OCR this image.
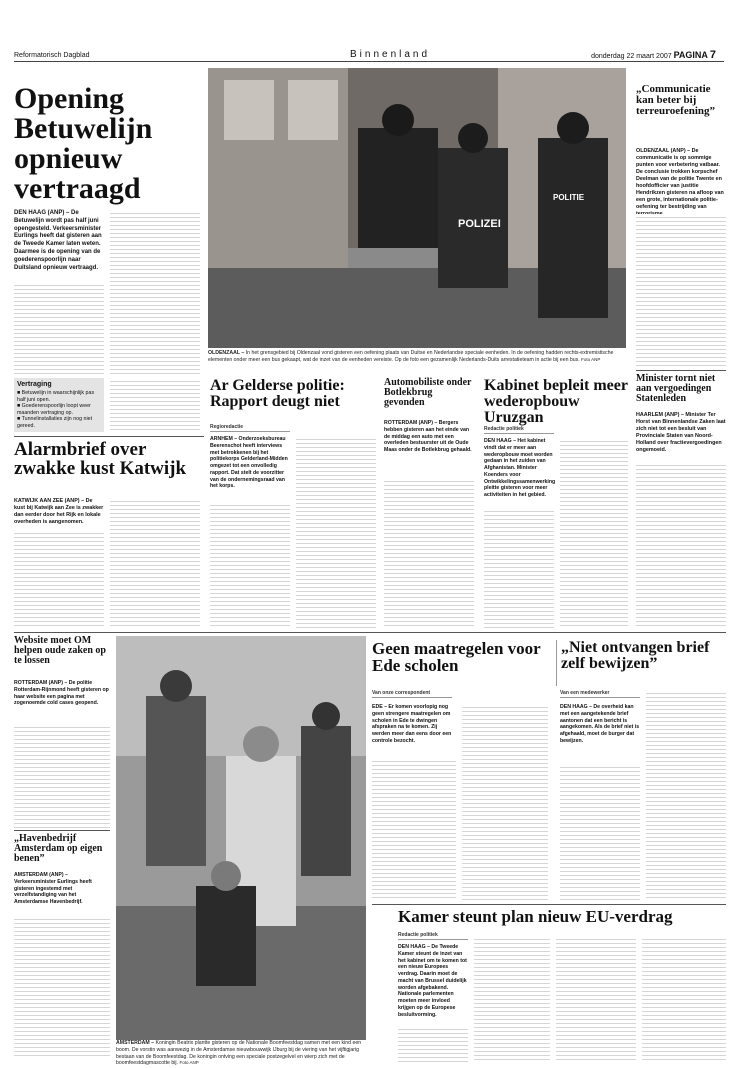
Reformatorisch Dagblad	Binnenland	donderdag 22 maart 2007 PAGINA 7
Opening Betuwelijn opnieuw vertraagd
DEN HAAG (ANP) – De Betuwelijn wordt pas half juni opengesteld. Verkeersminister Eurlings heeft dat gisteren aan de Tweede Kamer laten weten. Daarmee is de opening van de goederenspoorlijn naar Duitsland opnieuw vertraagd.
Vertraging
■ Betuwelijn in waarschijnlijk pas half juni open.
■ Goederenspoorlijn loopt weer maanden vertraging op.
■ Tunnelinstallaties zijn nog niet gereed.
POLIZEI
POLITIE
OLDENZAAL – In het grensgebied bij Oldenzaal vond gisteren een oefening plaats van Duitse en Nederlandse speciale eenheden. In de oefening hadden rechts-extremistische elementen onder meer een bus gekaapt, wat de inzet van de eenheden vereiste. Op de foto een gezamenlijk Nederlands-Duits arrestatieteam in actie bij een bus. Foto ANP
„Communicatie kan beter bij terreuroefening”
OLDENZAAL (ANP) – De communicatie is op sommige punten voor verbetering vatbaar. De conclusie trokken korpschef Deelman van de politie Twente en hoofdofficier van justitie Hendrikzen gisteren na afloop van een grote, internationale politie-oefening ter bestrijding van
Minister tornt niet aan vergoedingen Statenleden
HAARLEM (ANP) – Minister Ter Horst van Binnenlandse Zaken laat zich niet tot een besluit van Provinciale Staten van Noord-Holland over fractievergoedingen ongemoeid.
Alarmbrief over zwakke kust Katwijk
KATWIJK AAN ZEE (ANP) – De kust bij Katwijk aan Zee is zwakker dan eerder door het Rijk en lokale overheden is aangenomen.
Ar Gelderse politie: Rapport deugt niet
Regioredactie
ARNHEM – Onderzoeksbureau Beerenschot heeft interviews met betrokkenen bij het politiekorps Gelderland-Midden omgezet tot een onvolledig rapport. Dat stelt de voorzitter van de ondernemingsraad van het korps.
Automobiliste onder Botlekbrug gevonden
ROTTERDAM (ANP) – Bergers hebben gisteren aan het einde van de middag een auto met een overleden bestuurster uit de Oude Maas onder de Botlekbrug gehaald.
Kabinet bepleit meer wederopbouw Uruzgan
Redactie politiek
DEN HAAG – Het kabinet vindt dat er meer aan wederopbouw moet worden gedaan in het zuiden van Afghanistan. Minister Koenders voor Ontwikkelingssamenwerking pleitte gisteren voor meer activiteiten in het gebied.
Website moet OM helpen oude zaken op te lossen
ROTTERDAM (ANP) – De politie Rotterdam-Rijnmond heeft gisteren op haar website een pagina met zogenoemde cold cases geopend.
„Havenbedrijf Amsterdam op eigen benen”
AMSTERDAM (ANP) – Verkeersminister Eurlings heeft gisteren ingestemd met verzelfstandiging van het Amsterdamse Havenbedrijf.
AMSTERDAM – Koningin Beatrix plantte gisteren op de Nationale Boomfeestdag samen met een kind een boom. De vorstin was aanwezig in de Amsterdamse nieuwbouwwijk IJburg bij de viering van het vijftigjarig bestaan van de Boomfeestdag. De koningin ontving een speciale postzegelvel en wierp zich met de boomfeestdagmascotte bij. Foto ANP
Geen maatregelen voor Ede scholen
Van onze correspondent
EDE – Er komen voorlopig nog geen strengere maatregelen om scholen in Ede te dwingen afspraken na te komen. Zij werden meer dan eens door een controle bezocht.
„Niet ontvangen brief zelf bewijzen”
Van een medewerker
DEN HAAG – De overheid kan met een aangetekende brief aantonen dat een bericht is aangekomen. Als de brief niet is afgehaald, moet de burger dat bewijzen.
Kamer steunt plan nieuw EU-verdrag
Redactie politiek
DEN HAAG – De Tweede Kamer steunt de inzet van het kabinet om te komen tot een nieuw Europees verdrag. Daarin moet de macht van Brussel duidelijk worden afgebakend. Nationale parlementen moeten meer invloed krijgen op de Europese besluitvorming.
